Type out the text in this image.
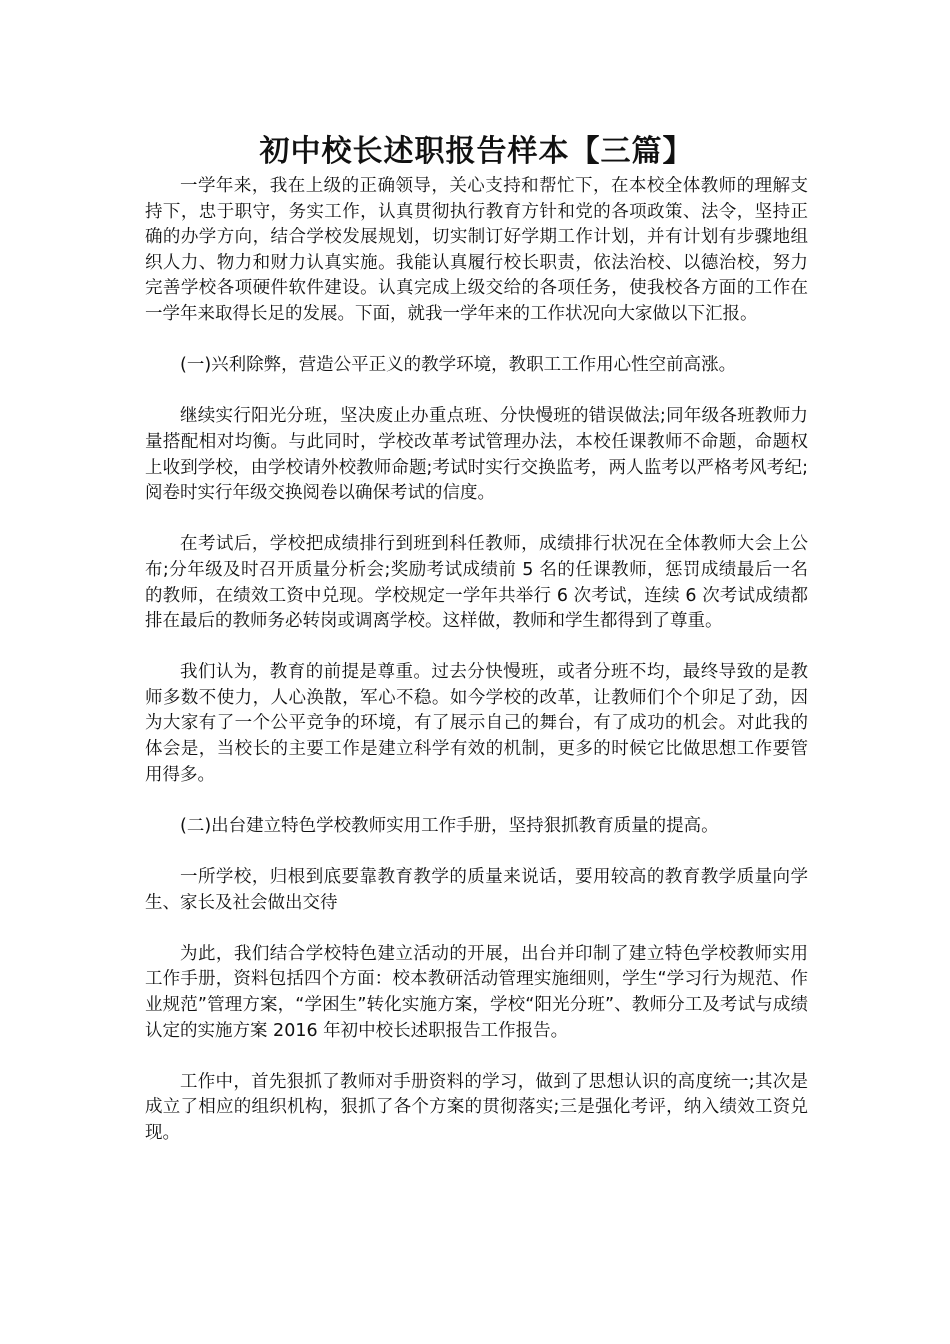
初中校长述职报告样本【三篇】

一学年来，我在上级的正确领导，关心支持和帮忙下，在本校全体教师的理解支持下，忠于职守，务实工作，认真贯彻执行教育方针和党的各项政策、法令，坚持正确的办学方向，结合学校发展规划，切实制订好学期工作计划，并有计划有步骤地组织人力、物力和财力认真实施。我能认真履行校长职责，依法治校、以德治校，努力完善学校各项硬件软件建设。认真完成上级交给的各项任务，使我校各方面的工作在一学年来取得长足的发展。下面，就我一学年来的工作状况向大家做以下汇报。

(一)兴利除弊，营造公平正义的教学环境，教职工工作用心性空前高涨。

继续实行阳光分班，坚决废止办重点班、分快慢班的错误做法;同年级各班教师力量搭配相对均衡。与此同时，学校改革考试管理办法，本校任课教师不命题，命题权上收到学校，由学校请外校教师命题;考试时实行交换监考，两人监考以严格考风考纪;阅卷时实行年级交换阅卷以确保考试的信度。

在考试后，学校把成绩排行到班到科任教师，成绩排行状况在全体教师大会上公布;分年级及时召开质量分析会;奖励考试成绩前 5 名的任课教师，惩罚成绩最后一名的教师，在绩效工资中兑现。学校规定一学年共举行 6 次考试，连续 6 次考试成绩都排在最后的教师务必转岗或调离学校。这样做，教师和学生都得到了尊重。

我们认为，教育的前提是尊重。过去分快慢班，或者分班不均，最终导致的是教师多数不使力，人心涣散，军心不稳。如今学校的改革，让教师们个个卯足了劲，因为大家有了一个公平竞争的环境，有了展示自己的舞台，有了成功的机会。对此我的体会是，当校长的主要工作是建立科学有效的机制，更多的时候它比做思想工作要管用得多。

(二)出台建立特色学校教师实用工作手册，坚持狠抓教育质量的提高。

一所学校，归根到底要靠教育教学的质量来说话，要用较高的教育教学质量向学生、家长及社会做出交待

为此，我们结合学校特色建立活动的开展，出台并印制了建立特色学校教师实用工作手册，资料包括四个方面：校本教研活动管理实施细则，学生“学习行为规范、作业规范”管理方案，“学困生”转化实施方案，学校“阳光分班”、教师分工及考试与成绩认定的实施方案 2016 年初中校长述职报告工作报告。

工作中，首先狠抓了教师对手册资料的学习，做到了思想认识的高度统一;其次是成立了相应的组织机构，狠抓了各个方案的贯彻落实;三是强化考评，纳入绩效工资兑现。
